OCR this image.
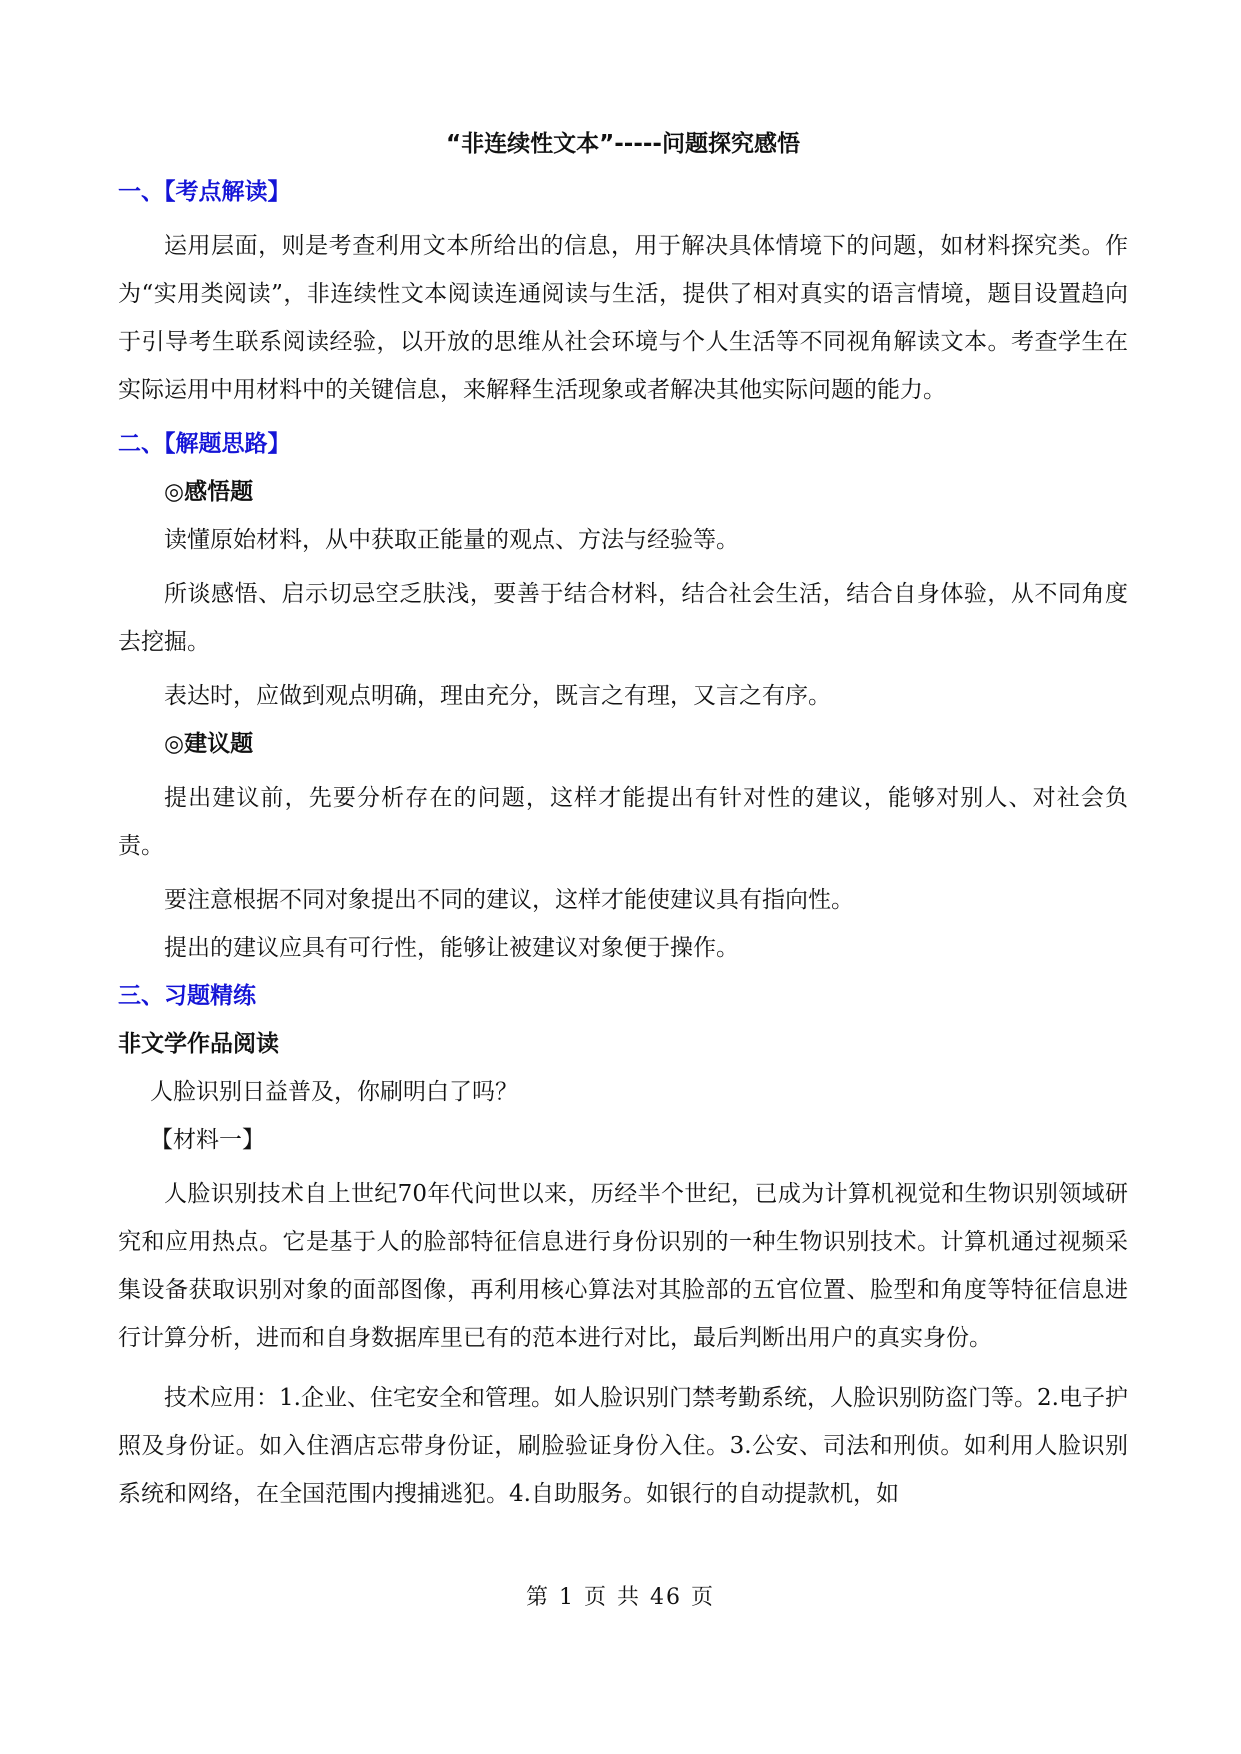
“非连续性文本”-----问题探究感悟
一、【考点解读】

运用层面，则是考查利用文本所给出的信息，用于解决具体情境下的问题，如材料探究类。作为“实用类阅读”，非连续性文本阅读连通阅读与生活，提供了相对真实的语言情境，题目设置趋向于引导考生联系阅读经验，以开放的思维从社会环境与个人生活等不同视角解读文本。考查学生在实际运用中用材料中的关键信息，来解释生活现象或者解决其他实际问题的能力。

二、【解题思路】
◎感悟题

读懂原始材料，从中获取正能量的观点、方法与经验等。

所谈感悟、启示切忌空乏肤浅，要善于结合材料，结合社会生活，结合自身体验，从不同角度去挖掘。

表达时，应做到观点明确，理由充分，既言之有理，又言之有序。

◎建议题

提出建议前，先要分析存在的问题，这样才能提出有针对性的建议，能够对别人、对社会负责。

要注意根据不同对象提出不同的建议，这样才能使建议具有指向性。

提出的建议应具有可行性，能够让被建议对象便于操作。

三、习题精练
非文学作品阅读

人脸识别日益普及，你刷明白了吗？

【材料一】

人脸识别技术自上世纪70年代问世以来，历经半个世纪，已成为计算机视觉和生物识别领域研究和应用热点。它是基于人的脸部特征信息进行身份识别的一种生物识别技术。计算机通过视频采集设备获取识别对象的面部图像，再利用核心算法对其脸部的五官位置、脸型和角度等特征信息进行计算分析，进而和自身数据库里已有的范本进行对比，最后判断出用户的真实身份。

技术应用：1.企业、住宅安全和管理。如人脸识别门禁考勤系统，人脸识别防盗门等。2.电子护照及身份证。如入住酒店忘带身份证，刷脸验证身份入住。3.公安、司法和刑侦。如利用人脸识别系统和网络，在全国范围内搜捕逃犯。4.自助服务。如银行的自动提款机，如

第 1 页 共 46 页
